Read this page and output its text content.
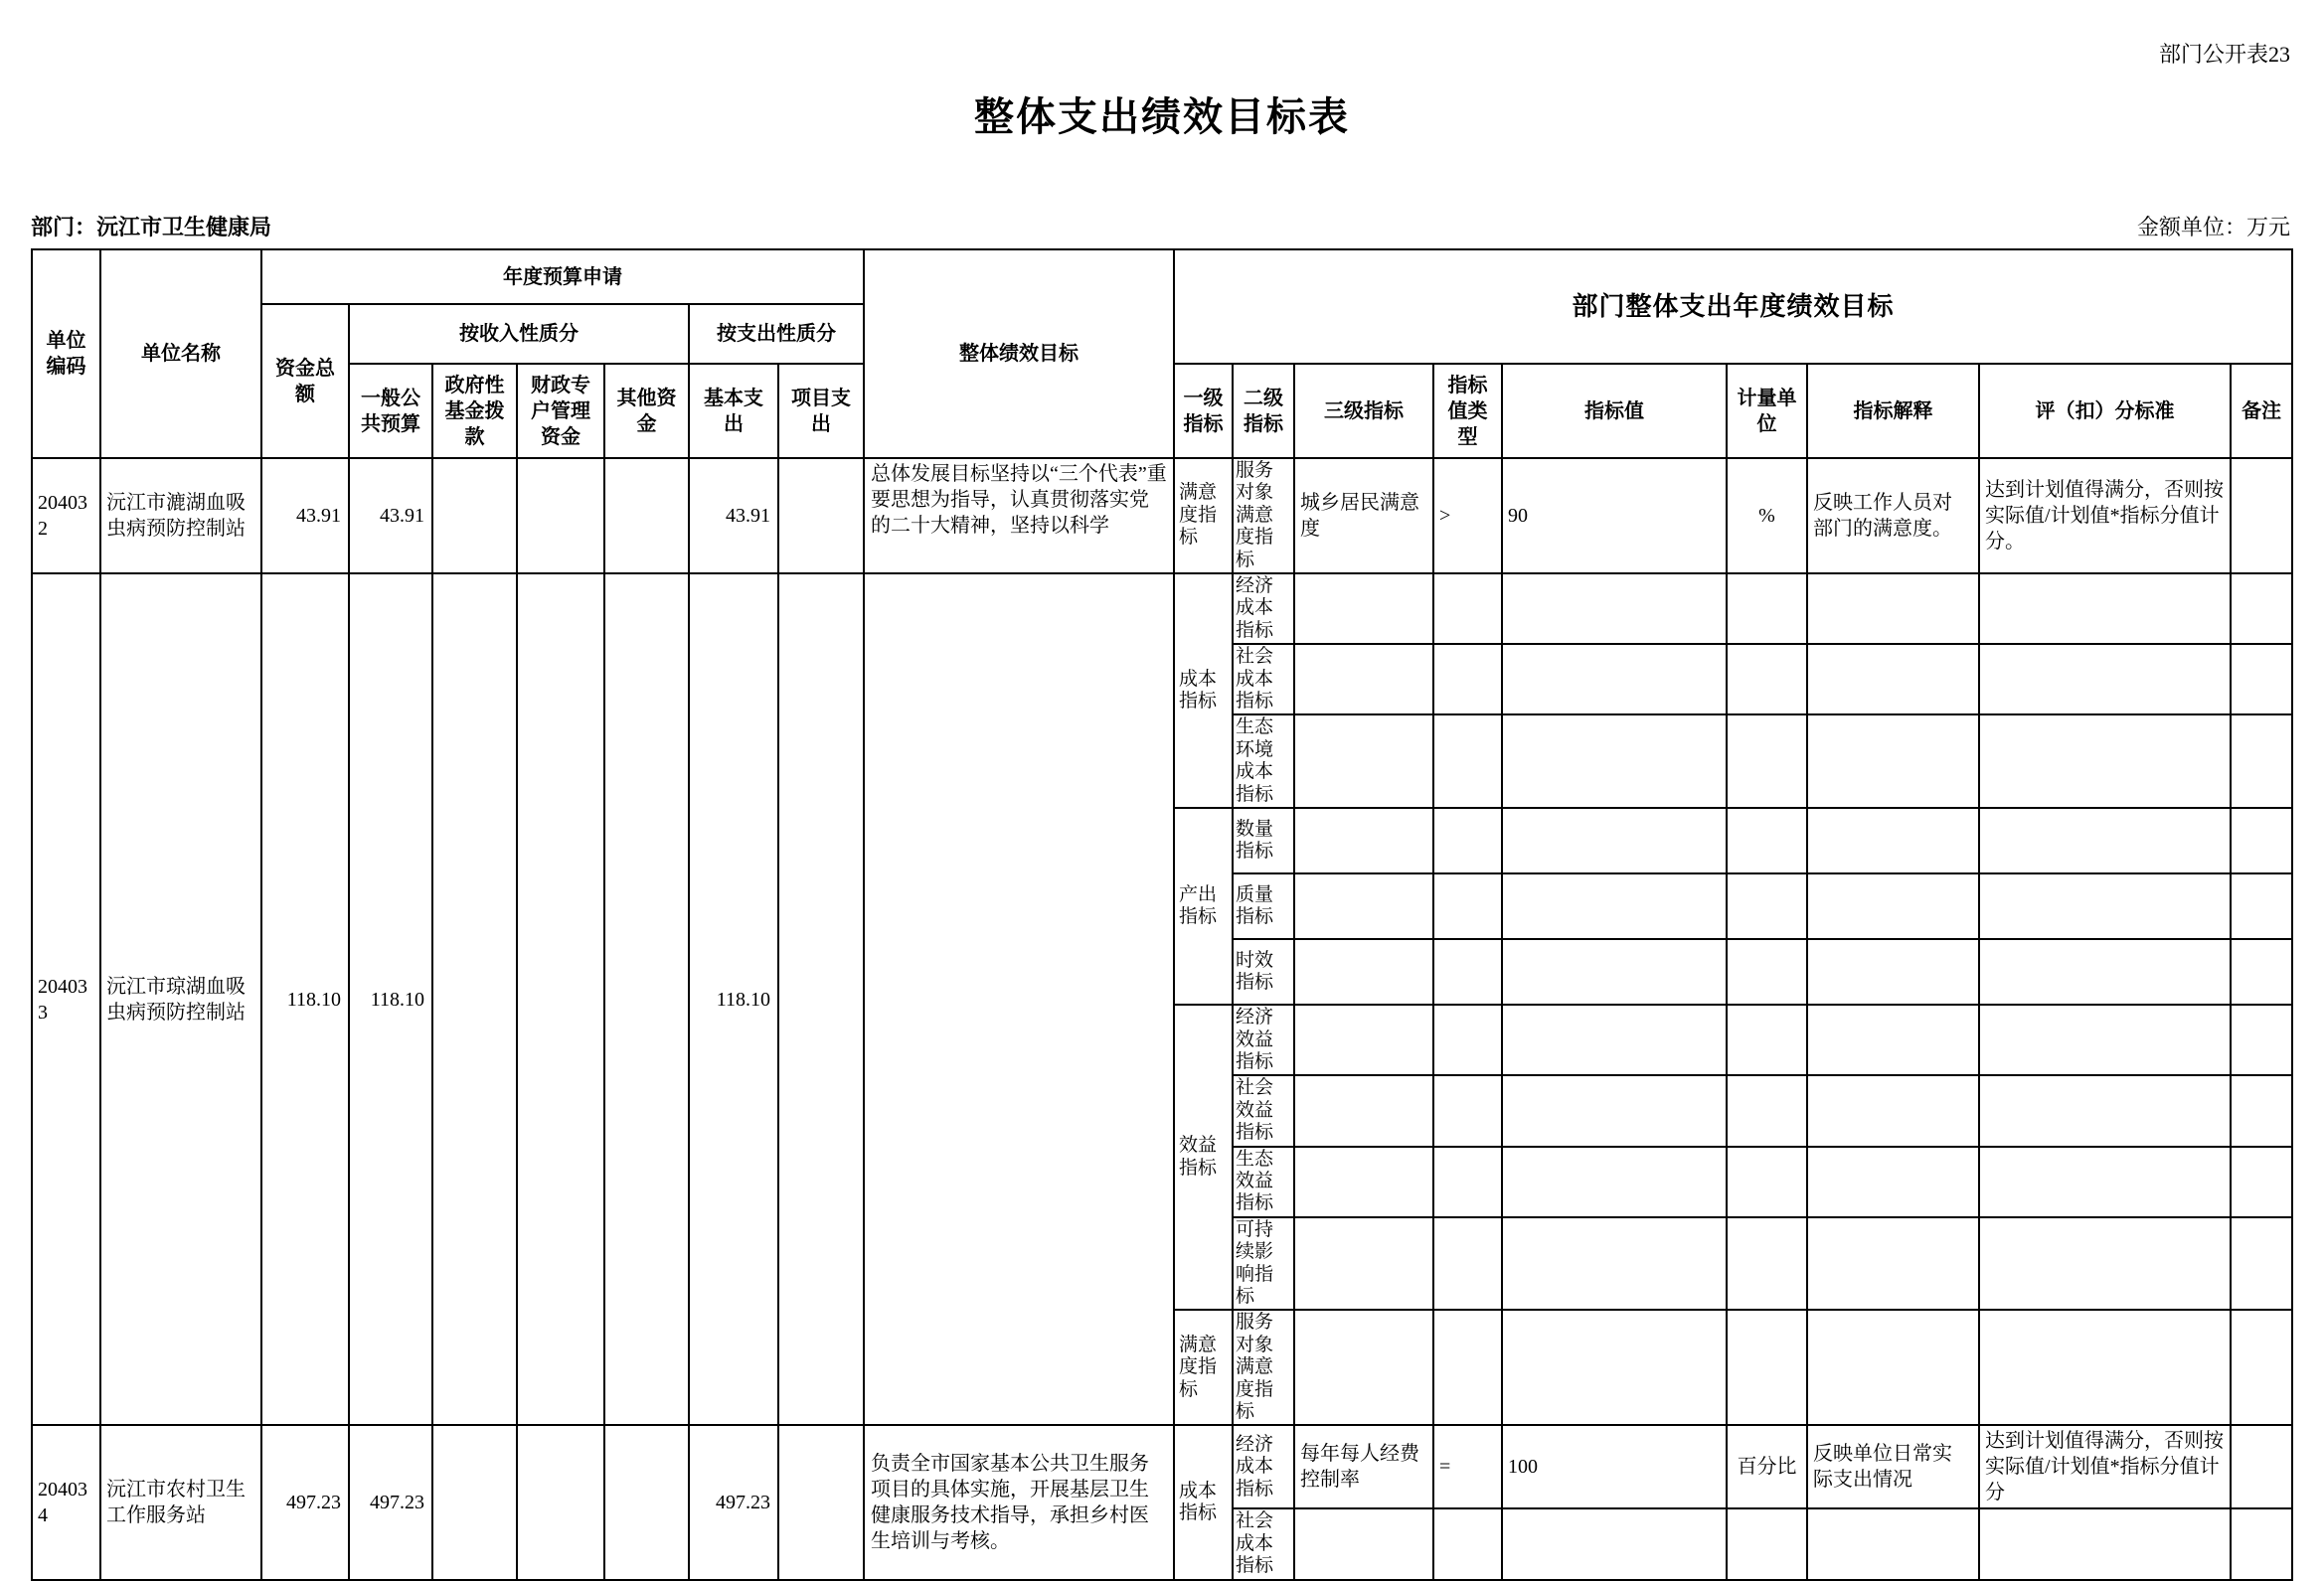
部门公开表23
整体支出绩效目标表
部门：沅江市卫生健康局	金额单位：万元
单位编码	单位名称	年度预算申请							整体绩效目标	部门整体支出年度绩效目标								
		资金总额	按收入性质分				按支出性质分											
			一般公共预算	政府性基金拨款	财政专户管理资金	其他资金	基本支出	项目支出		一级指标	二级指标	三级指标	指标值类型	指标值	计量单位	指标解释	评（扣）分标准	备注
204032	沅江市漉湖血吸虫病预防控制站	43.91	43.91				43.91		总体发展目标坚持以“三个代表”重要思想为指导，认真贯彻落实党的二十大精神，坚持以科学	满意度指标	服务对象满意度指标	城乡居民满意度	>	90	%	反映工作人员对部门的满意度。	达到计划值得满分，否则按实际值/计划值*指标分值计分。	
204033	沅江市琼湖血吸虫病预防控制站	118.10	118.10				118.10			成本指标	经济成本指标							
											社会成本指标							
											生态环境成本指标							
										产出指标	数量指标							
											质量指标							
											时效指标							
										效益指标	经济效益指标							
											社会效益指标							
											生态效益指标							
											可持续影响指标							
										满意度指标	服务对象满意度指标							
204034	沅江市农村卫生工作服务站	497.23	497.23				497.23		负责全市国家基本公共卫生服务项目的具体实施，开展基层卫生健康服务技术指导，承担乡村医生培训与考核。	成本指标	经济成本指标	每年每人经费控制率	=	100	百分比	反映单位日常实际支出情况	达到计划值得满分，否则按实际值/计划值*指标分值计分	
											社会成本指标							
